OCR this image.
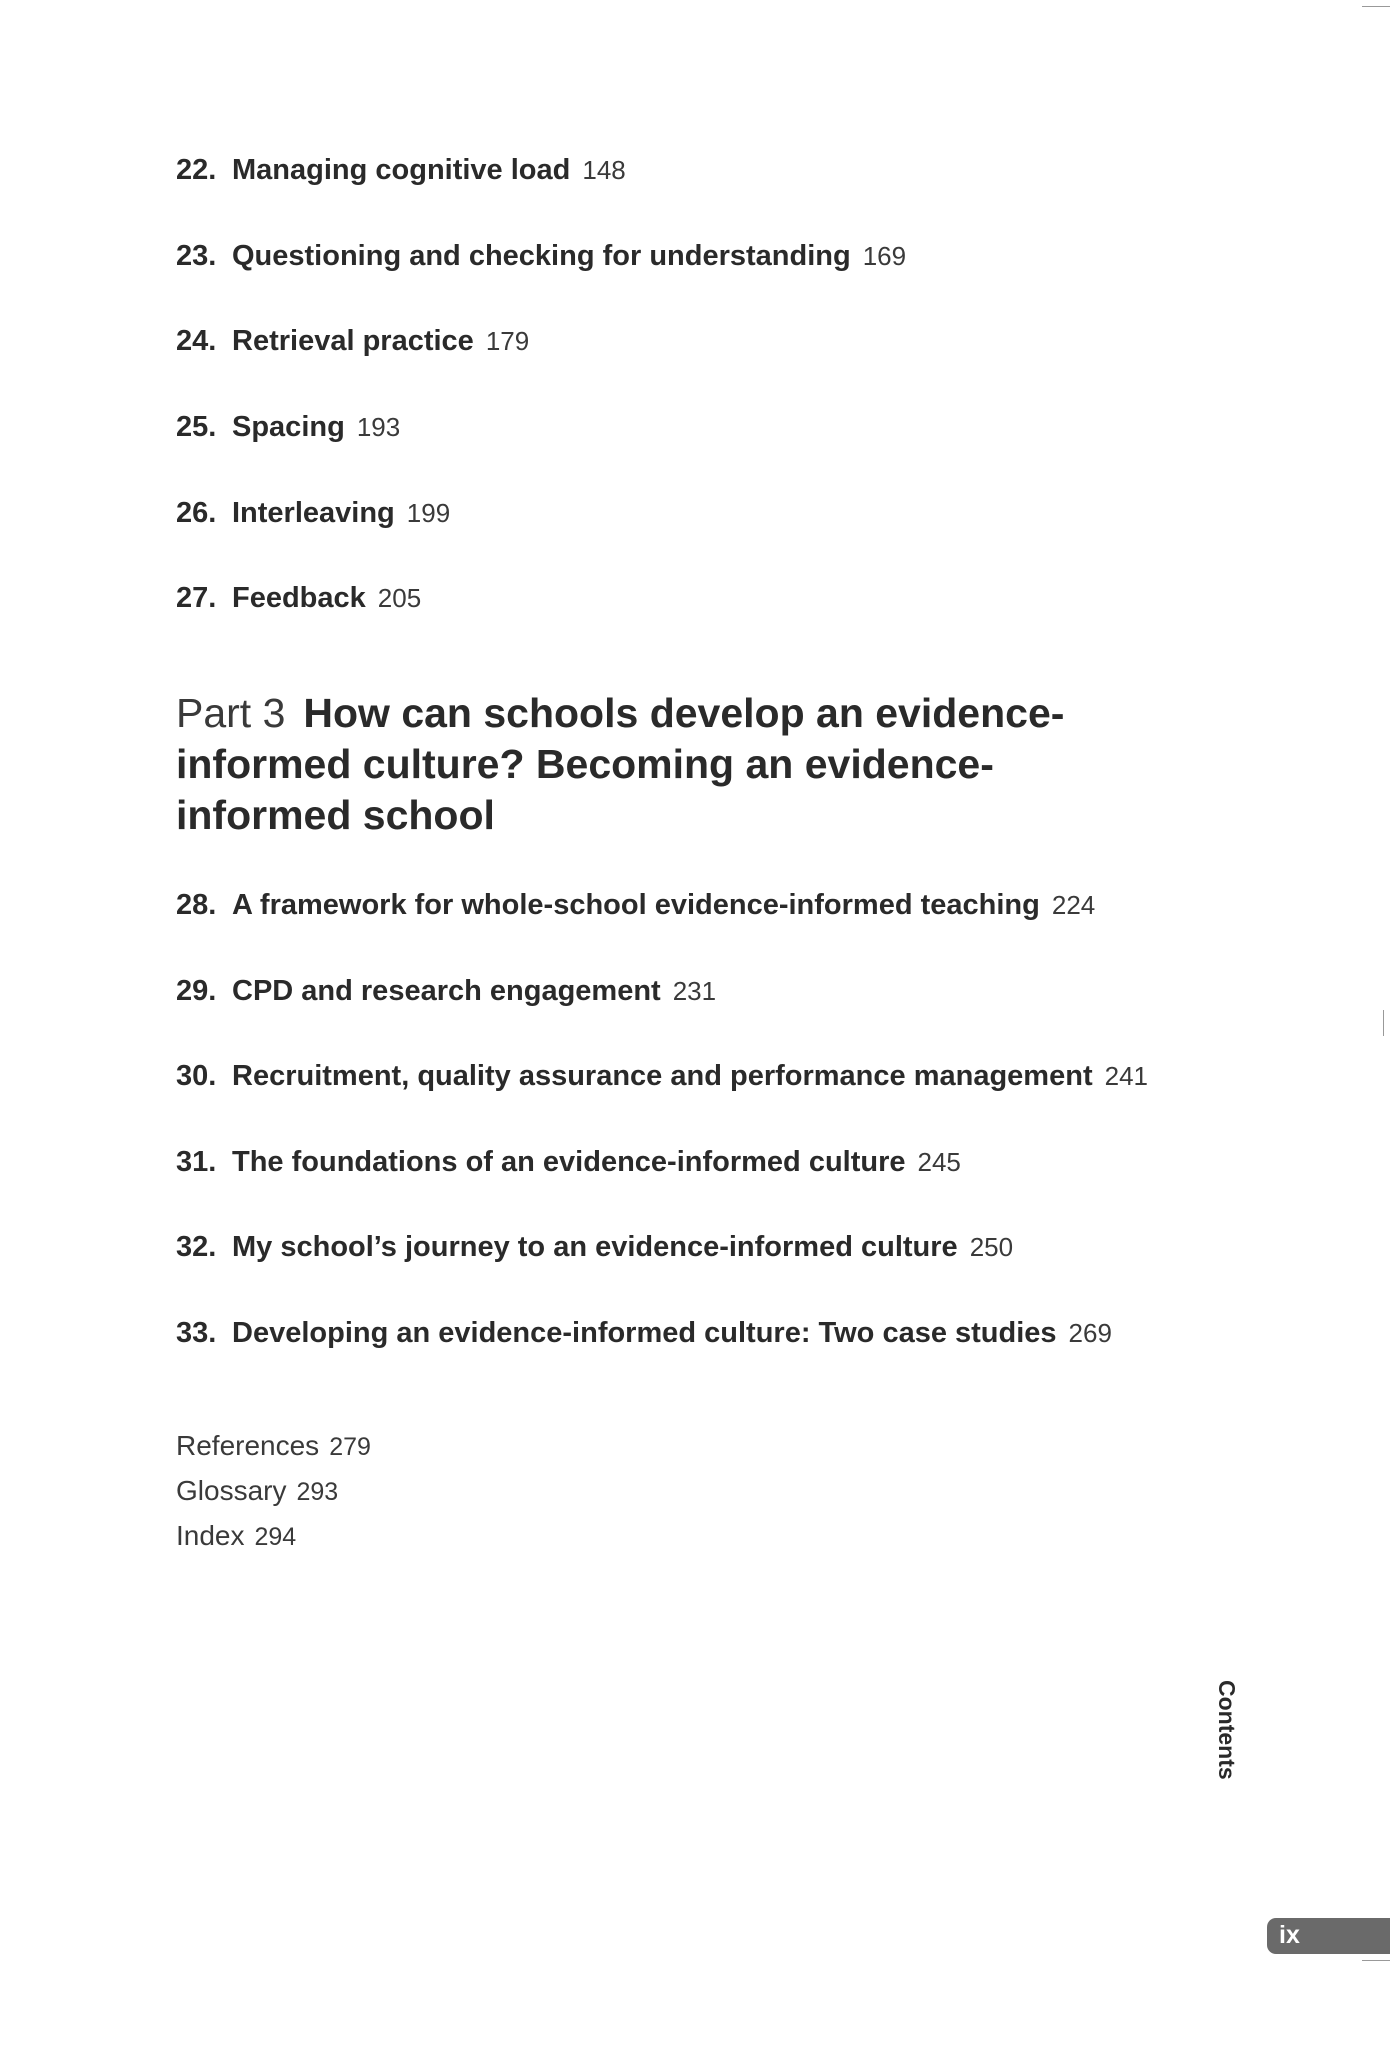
22. Managing cognitive load 148
23. Questioning and checking for understanding 169
24. Retrieval practice 179
25. Spacing 193
26. Interleaving 199
27. Feedback 205
Part 3 How can schools develop an evidence-informed culture? Becoming an evidence-informed school
28. A framework for whole-school evidence-informed teaching 224
29. CPD and research engagement 231
30. Recruitment, quality assurance and performance management 241
31. The foundations of an evidence-informed culture 245
32. My school’s journey to an evidence-informed culture 250
33. Developing an evidence-informed culture: Two case studies 269
References 279
Glossary 293
Index 294
Contents
ix
